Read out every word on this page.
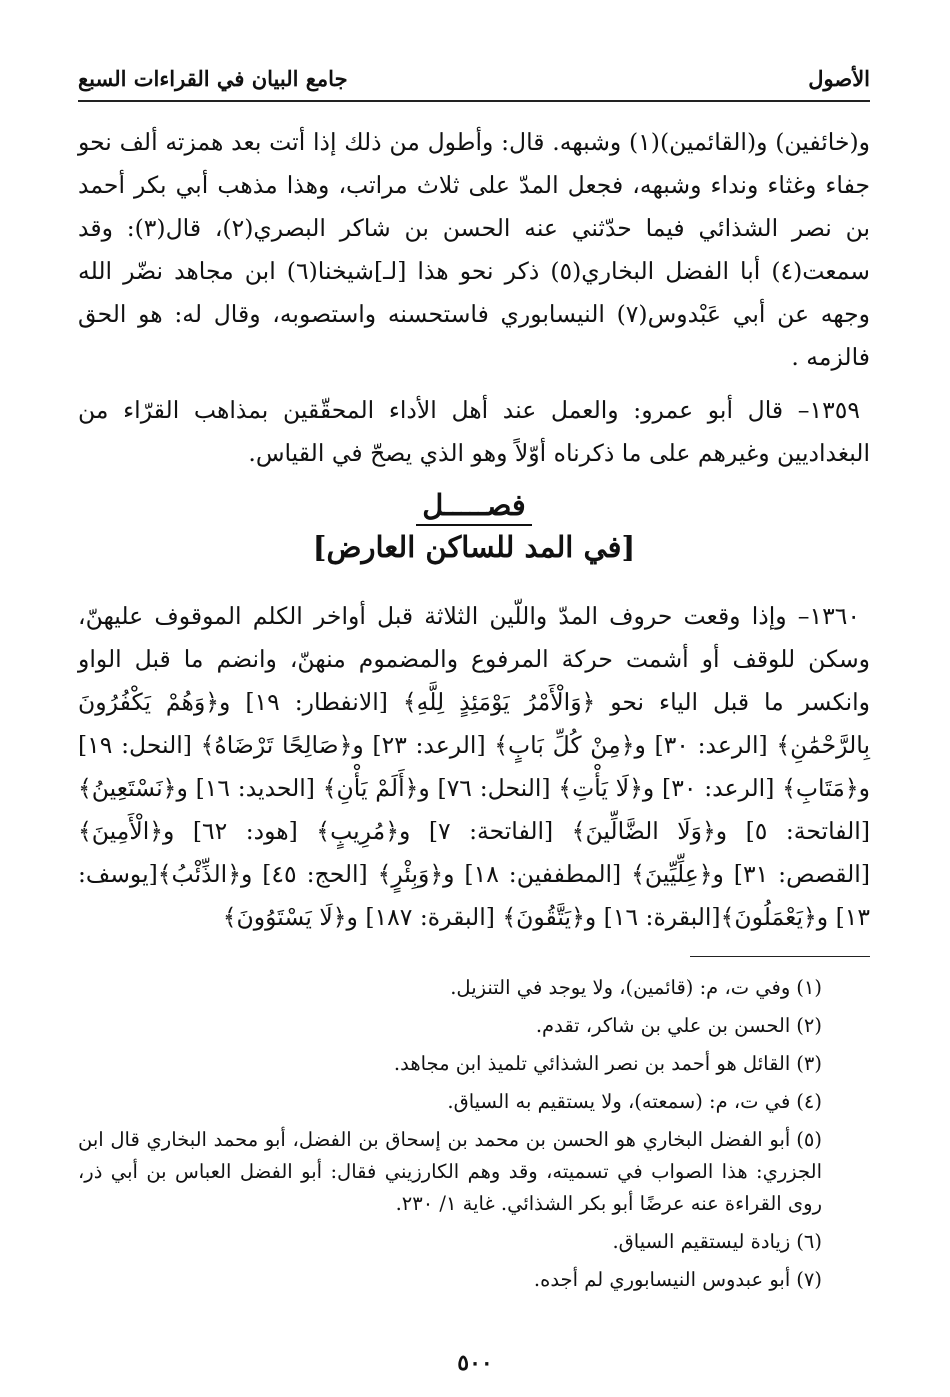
الأصول
جامع البيان في القراءات السبع
و(خائفين) و(القائمين)(١) وشبهه. قال: وأطول من ذلك إذا أتت بعد همزته ألف نحو جفاء وغثاء ونداء وشبهه، فجعل المدّ على ثلاث مراتب، وهذا مذهب أبي بكر أحمد بن نصر الشذائي فيما حدّثني عنه الحسن بن شاكر البصري(٢)، قال(٣): وقد سمعت(٤) أبا الفضل البخاري(٥) ذكر نحو هذا [لـ]شيخنا(٦) ابن مجاهد نضّر الله وجهه عن أبي عَبْدوس(٧) النيسابوري فاستحسنه واستصوبه، وقال له: هو الحق فالزمه .
١٣٥٩– قال أبو عمرو: والعمل عند أهل الأداء المحقّقين بمذاهب القرّاء من البغداديين وغيرهم على ما ذكرناه أوّلاً وهو الذي يصحّ في القياس.
فصـــــل
[في المد للساكن العارض]
١٣٦٠– وإذا وقعت حروف المدّ واللّين الثلاثة قبل أواخر الكلم الموقوف عليهنّ، وسكن للوقف أو أشمت حركة المرفوع والمضموم منهنّ، وانضم ما قبل الواو وانكسر ما قبل الياء نحو ﴿وَالْأَمْرُ يَوْمَئِذٍ لِلَّهِ﴾ [الانفطار: ١٩] و﴿وَهُمْ يَكْفُرُونَ بِالرَّحْمَٰنِ﴾ [الرعد: ٣٠] و﴿مِنْ كُلِّ بَابٍ﴾ [الرعد: ٢٣] و﴿صَالِحًا تَرْضَاهُ﴾ [النحل: ١٩] و﴿مَتَابِ﴾ [الرعد: ٣٠] و﴿لَا يَأْتِ﴾ [النحل: ٧٦] و﴿أَلَمْ يَأْنِ﴾ [الحديد: ١٦] و﴿نَسْتَعِينُ﴾ [الفاتحة: ٥] و﴿وَلَا الضَّالِّينَ﴾ [الفاتحة: ٧] و﴿مُرِيبٍ﴾ [هود: ٦٢] و﴿الْأَمِينَ﴾ [القصص: ٣١] و﴿عِلِّيِّينَ﴾ [المطففين: ١٨] و﴿وَبِئْرٍ﴾ [الحج: ٤٥] و﴿الذِّئْبُ﴾[يوسف: ١٣] و﴿يَعْمَلُونَ﴾[البقرة: ١٦] و﴿يَتَّقُونَ﴾ [البقرة: ١٨٧] و﴿لَا يَسْتَوُونَ﴾

(١)وفي ت، م: (قائمين)، ولا يوجد في التنزيل.

(٢)الحسن بن علي بن شاكر، تقدم.

(٣)القائل هو أحمد بن نصر الشذائي تلميذ ابن مجاهد.

(٤)في ت، م: (سمعته)، ولا يستقيم به السياق.

(٥)أبو الفضل البخاري هو الحسن بن محمد بن إسحاق بن الفضل، أبو محمد البخاري قال ابن الجزري: هذا الصواب في تسميته، وقد وهم الكارزيني فقال: أبو الفضل العباس بن أبي ذر، روى القراءة عنه عرضًا أبو بكر الشذائي. غاية ١/ ٢٣٠.

(٦)زيادة ليستقيم السياق.

(٧)أبو عبدوس النيسابوري لم أجده.

٥٠٠
